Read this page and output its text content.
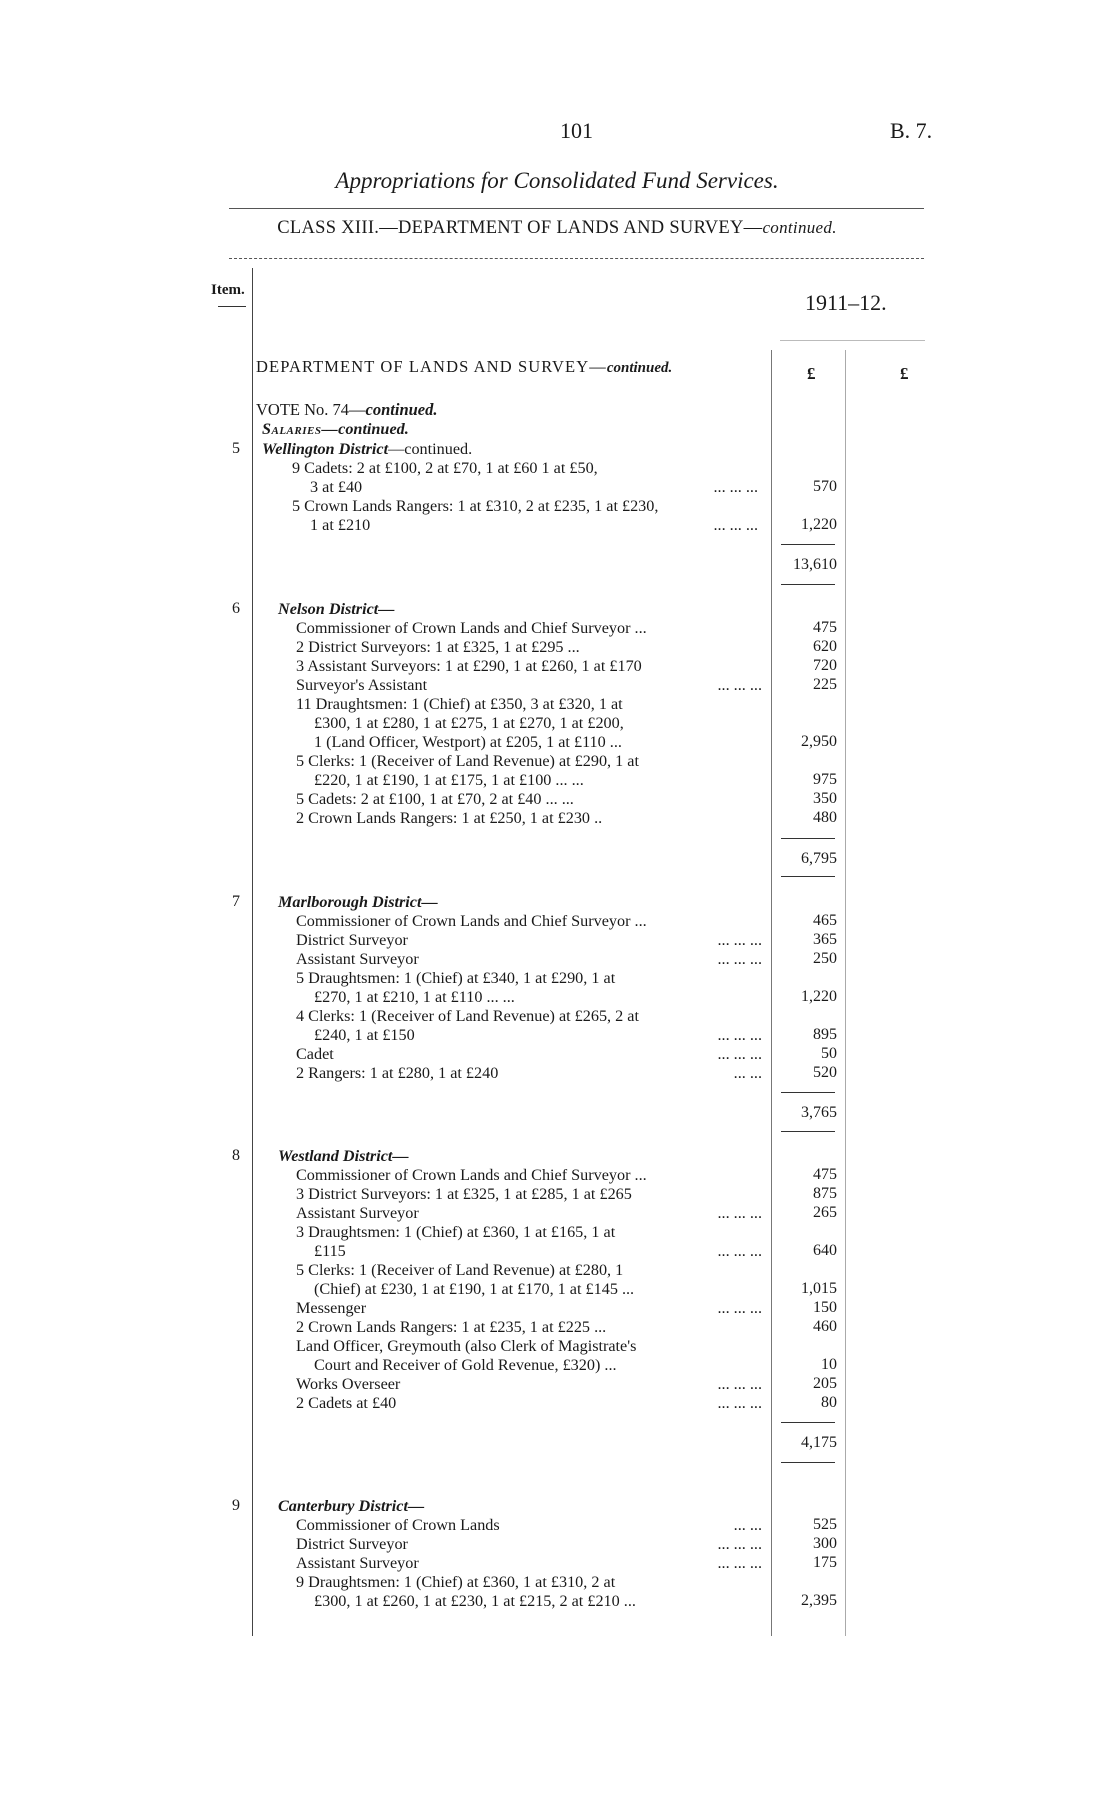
101	B. 7.
Appropriations for Consolidated Fund Services.
CLASS XIII.—DEPARTMENT OF LANDS AND SURVEY—continued.
Item.	1911–12.
DEPARTMENT OF LANDS AND SURVEY—continued.	£	£
VOTE No. 74—continued.
Salaries—continued.
5 Wellington District—continued.
9 Cadets: 2 at £100, 2 at £70, 1 at £60 1 at £50,
3 at £40	... ... ...	570
5 Crown Lands Rangers: 1 at £310, 2 at £235, 1 at £230,
1 at £210	... ... ...	1,220
13,610
6 Nelson District—
Commissioner of Crown Lands and Chief Surveyor ...	475
2 District Surveyors: 1 at £325, 1 at £295 ...	620
3 Assistant Surveyors: 1 at £290, 1 at £260, 1 at £170	720
Surveyor's Assistant	... ... ...	225
11 Draughtsmen: 1 (Chief) at £350, 3 at £320, 1 at
£300, 1 at £280, 1 at £275, 1 at £270, 1 at £200,
1 (Land Officer, Westport) at £205, 1 at £110 ...	2,950
5 Clerks: 1 (Receiver of Land Revenue) at £290, 1 at
£220, 1 at £190, 1 at £175, 1 at £100 ... ...	975
5 Cadets: 2 at £100, 1 at £70, 2 at £40 ... ...	350
2 Crown Lands Rangers: 1 at £250, 1 at £230 ..	480
6,795
7 Marlborough District—
Commissioner of Crown Lands and Chief Surveyor ...	465
District Surveyor	... ... ...	365
Assistant Surveyor	... ... ...	250
5 Draughtsmen: 1 (Chief) at £340, 1 at £290, 1 at
£270, 1 at £210, 1 at £110 ... ...	1,220
4 Clerks: 1 (Receiver of Land Revenue) at £265, 2 at
£240, 1 at £150	... ... ...	895
Cadet	... ... ...	50
2 Rangers: 1 at £280, 1 at £240	... ...	520
3,765
8 Westland District—
Commissioner of Crown Lands and Chief Surveyor ...	475
3 District Surveyors: 1 at £325, 1 at £285, 1 at £265	875
Assistant Surveyor	... ... ...	265
3 Draughtsmen: 1 (Chief) at £360, 1 at £165, 1 at
£115	... ... ...	640
5 Clerks: 1 (Receiver of Land Revenue) at £280, 1
(Chief) at £230, 1 at £190, 1 at £170, 1 at £145 ...	1,015
Messenger	... ... ...	150
2 Crown Lands Rangers: 1 at £235, 1 at £225 ...	460
Land Officer, Greymouth (also Clerk of Magistrate's
Court and Receiver of Gold Revenue, £320) ...	10
Works Overseer	... ... ...	205
2 Cadets at £40	... ... ...	80
4,175
9 Canterbury District—
Commissioner of Crown Lands	... ...	525
District Surveyor	... ... ...	300
Assistant Surveyor	... ... ...	175
9 Draughtsmen: 1 (Chief) at £360, 1 at £310, 2 at
£300, 1 at £260, 1 at £230, 1 at £215, 2 at £210 ...	2,395
